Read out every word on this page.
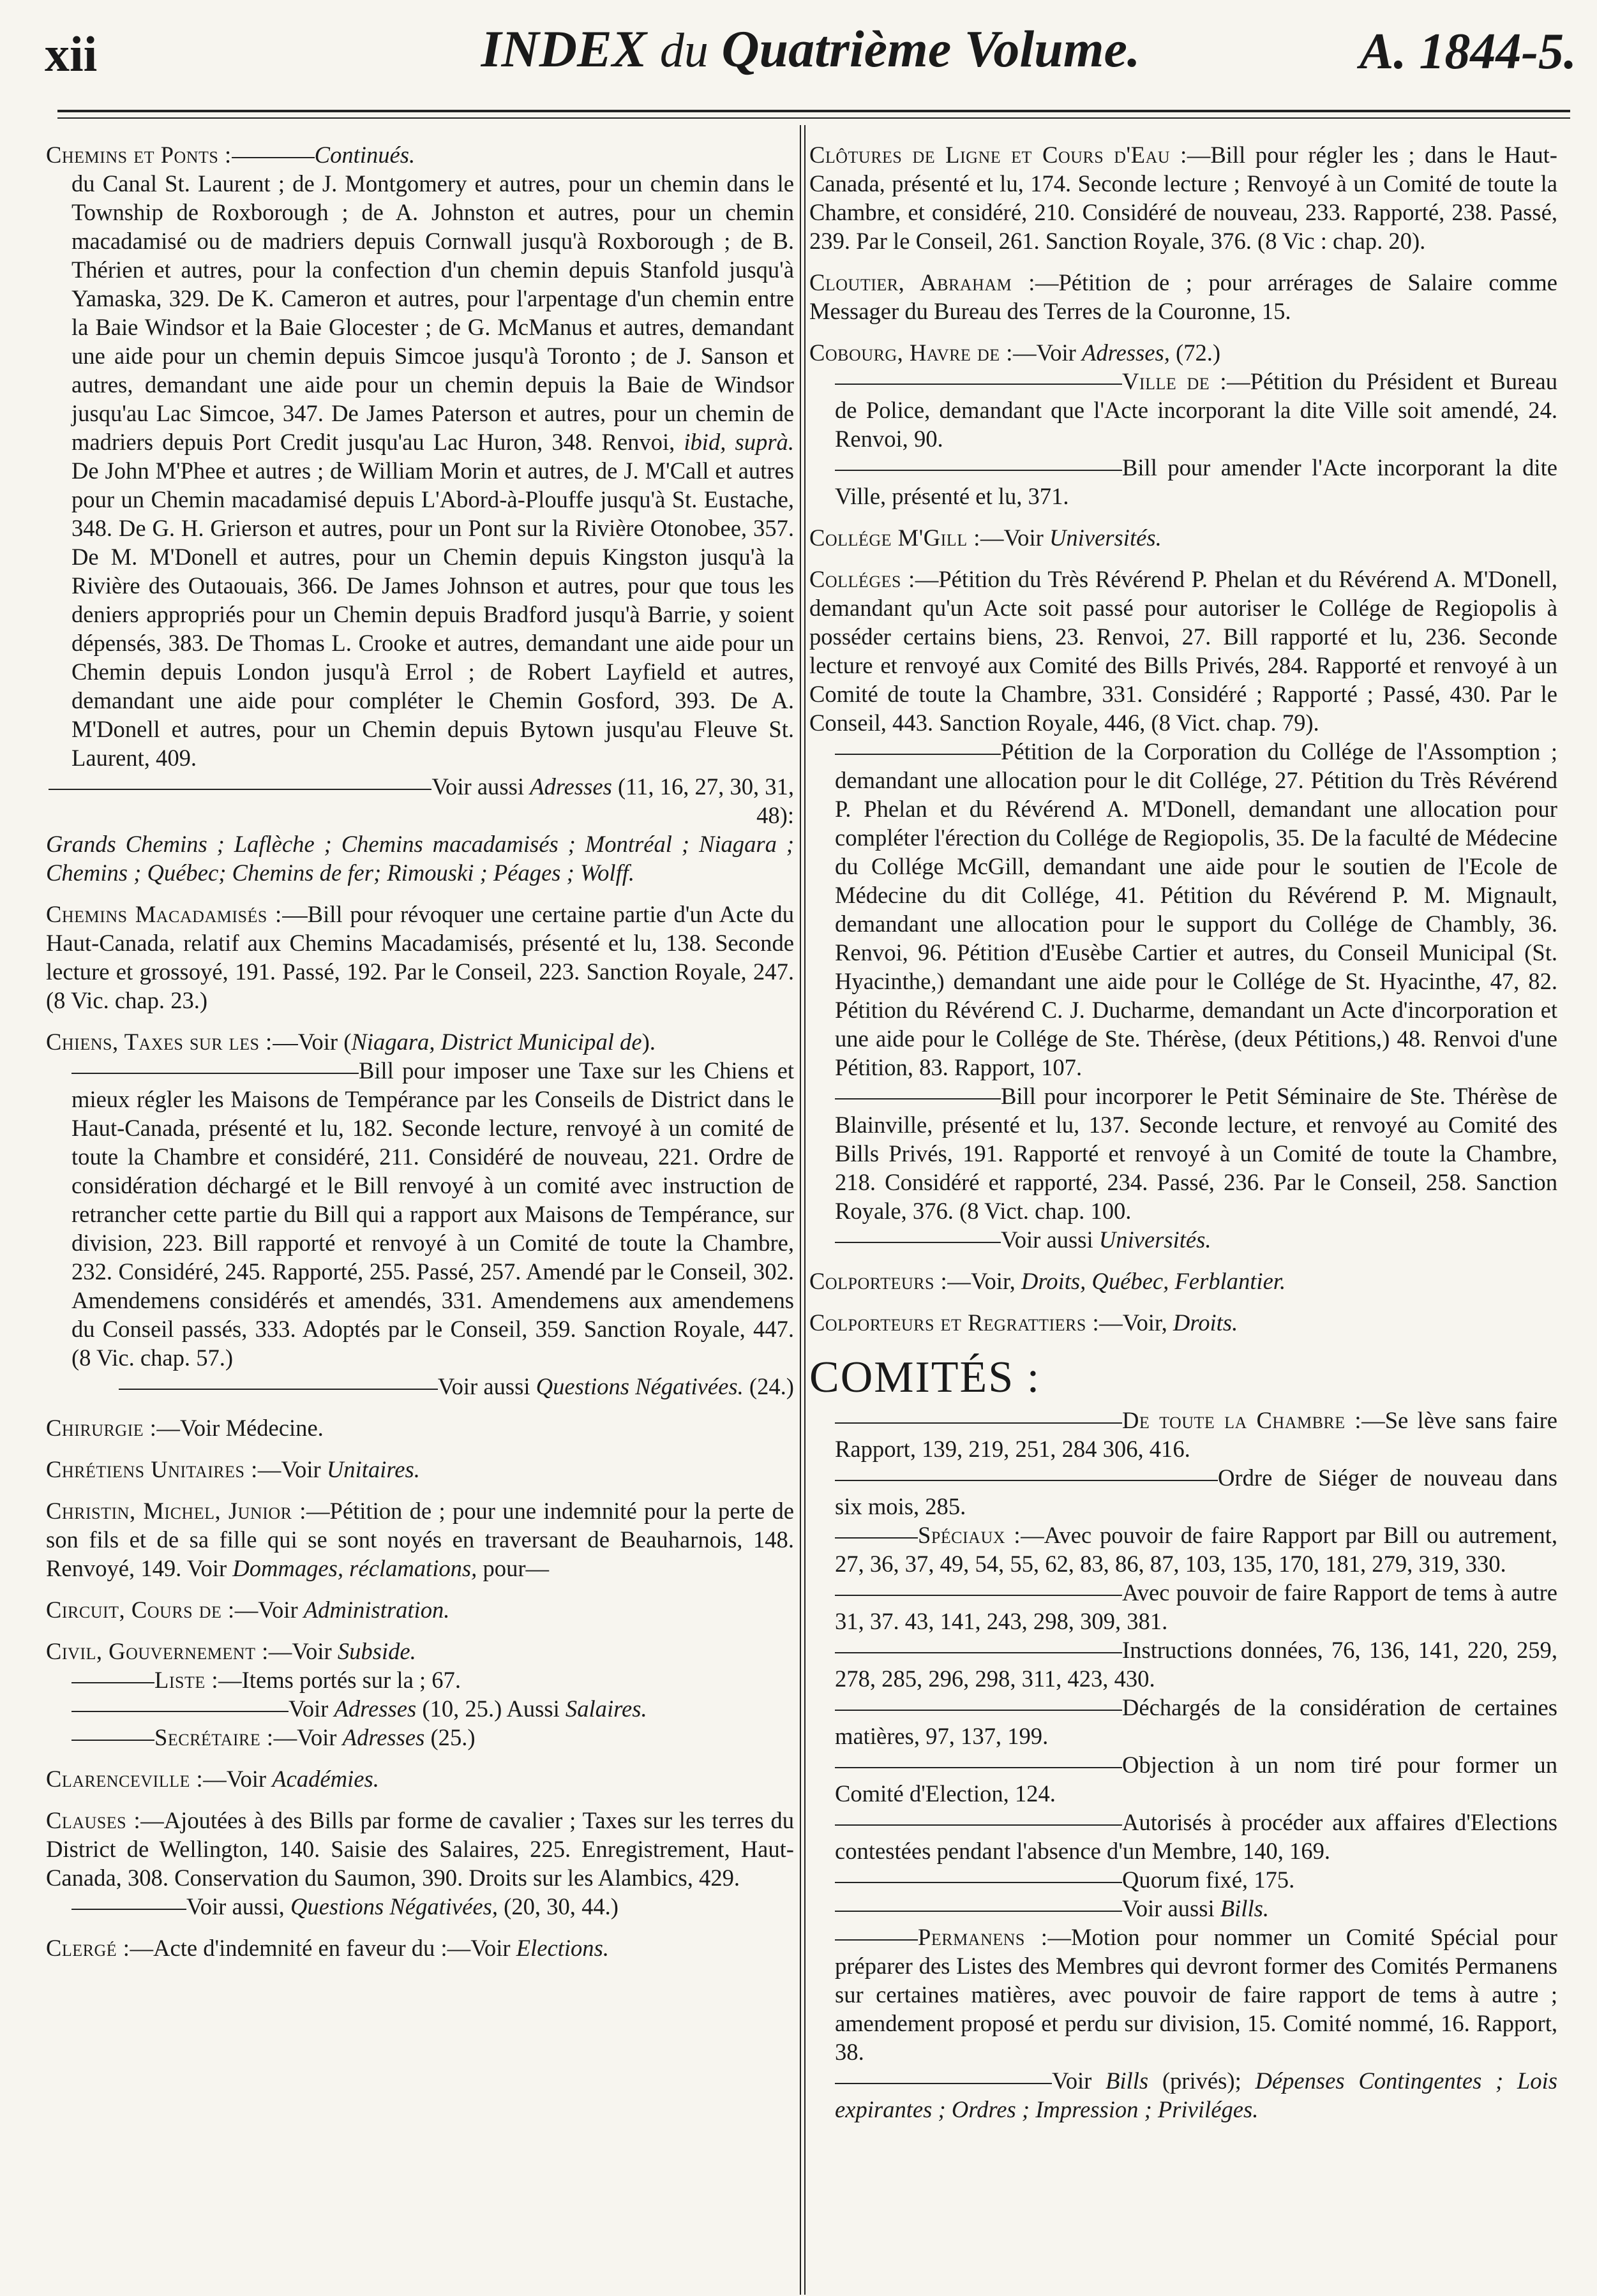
xii	INDEX du Quatrième Volume.	A. 1844-5.

Chemins et Ponts :	Continués.

du Canal St. Laurent ; de J. Montgomery et autres, pour un chemin dans le Township de Roxborough ; de A. Johnston et autres, pour un chemin macadamisé ou de madriers depuis Cornwall jusqu'à Roxborough ; de B. Thérien et autres, pour la confection d'un chemin depuis Stanfold jusqu'à Yamaska, 329. De K. Cameron et autres, pour l'arpentage d'un chemin entre la Baie Windsor et la Baie Glocester ; de G. McManus et autres, demandant une aide pour un chemin depuis Simcoe jusqu'à Toronto ; de J. Sanson et autres, demandant une aide pour un chemin depuis la Baie de Windsor jusqu'au Lac Simcoe, 347. De James Paterson et autres, pour un chemin de madriers depuis Port Credit jusqu'au Lac Huron, 348. Renvoi, ibid, suprà. De John M'Phee et autres ; de William Morin et autres, de J. M'Call et autres pour un Chemin macadamisé depuis L'Abord-à-Plouffe jusqu'à St. Eustache, 348. De G. H. Grierson et autres, pour un Pont sur la Rivière Otonobee, 357. De M. M'Donell et autres, pour un Chemin depuis Kingston jusqu'à la Rivière des Outaouais, 366. De James Johnson et autres, pour que tous les deniers appropriés pour un Chemin depuis Bradford jusqu'à Barrie, y soient dépensés, 383. De Thomas L. Crooke et autres, demandant une aide pour un Chemin depuis London jusqu'à Errol ; de Robert Layfield et autres, demandant une aide pour compléter le Chemin Gosford, 393. De A. M'Donell et autres, pour un Chemin depuis Bytown jusqu'au Fleuve St. Laurent, 409.

Voir aussi Adresses (11, 16, 27, 30, 31, 48):

Grands Chemins ; Laflèche ; Chemins macadamisés ; Montréal ; Niagara ; Chemins ; Québec; Chemins de fer; Rimouski ; Péages ; Wolff.

Chemins Macadamisés : Bill pour révoquer une certaine partie d'un Acte du Haut-Canada, relatif aux Chemins Macadamisés, présenté et lu, 138. Seconde lecture et grossoyé, 191. Passé, 192. Par le Conseil, 223. Sanction Royale, 247. (8 Vic. chap. 23.)

Chiens, Taxes sur les : Voir (Niagara, District Municipal de).

Bill pour imposer une Taxe sur les Chiens et mieux régler les Maisons de Tempérance par les Conseils de District dans le Haut-Canada, présenté et lu, 182. Seconde lecture, renvoyé à un comité de toute la Chambre et considéré, 211. Considéré de nouveau, 221. Ordre de considération déchargé et le Bill renvoyé à un comité avec instruction de retrancher cette partie du Bill qui a rapport aux Maisons de Tempérance, sur division, 223. Bill rapporté et renvoyé à un Comité de toute la Chambre, 232. Considéré, 245. Rapporté, 255. Passé, 257. Amendé par le Conseil, 302. Amendemens considérés et amendés, 331. Amendemens aux amendemens du Conseil passés, 333. Adoptés par le Conseil, 359. Sanction Royale, 447. (8 Vic. chap. 57.)

Voir aussi Questions Négativées. (24.)

Chirurgie :—Voir Médecine.

Chrétiens Unitaires :—Voir Unitaires.

Christin, Michel, Junior :—Pétition de ; pour une indemnité pour la perte de son fils et de sa fille qui se sont noyés en traversant de Beauharnois, 148. Renvoyé, 149. Voir Dommages, réclamations, pour—

Circuit, Cours de :—Voir Administration.

Civil, Gouvernement :—Voir Subside.

Liste :—Items portés sur la ; 67.

Voir Adresses (10, 25.) Aussi Salaires.

Secrétaire :—Voir Adresses (25.)

Clarenceville :—Voir Académies.

Clauses :—Ajoutées à des Bills par forme de cavalier ; Taxes sur les terres du District de Wellington, 140. Saisie des Salaires, 225. Enregistrement, Haut-Canada, 308. Conservation du Saumon, 390. Droits sur les Alambics, 429.

Voir aussi, Questions Négativées, (20, 30, 44.)

Clergé :—Acte d'indemnité en faveur du :—Voir Elections.

Clôtures de Ligne et Cours d'Eau :—Bill pour régler les ; dans le Haut-Canada, présenté et lu, 174. Seconde lecture ; Renvoyé à un Comité de toute la Chambre, et considéré, 210. Considéré de nouveau, 233. Rapporté, 238. Passé, 239. Par le Conseil, 261. Sanction Royale, 376. (8 Vic : chap. 20).

Cloutier, Abraham :—Pétition de ; pour arrérages de Salaire comme Messager du Bureau des Terres de la Couronne, 15.

Cobourg, Havre de :—Voir Adresses, (72.)

Ville de :—Pétition du Président et Bureau de Police, demandant que l'Acte incorporant la dite Ville soit amendé, 24. Renvoi, 90.

Bill pour amender l'Acte incorporant la dite Ville, présenté et lu, 371.

Collége M'Gill :—Voir Universités.

Colléges :—Pétition du Très Révérend P. Phelan et du Révérend A. M'Donell, demandant qu'un Acte soit passé pour autoriser le Collége de Regiopolis à posséder certains biens, 23. Renvoi, 27. Bill rapporté et lu, 236. Seconde lecture et renvoyé aux Comité des Bills Privés, 284. Rapporté et renvoyé à un Comité de toute la Chambre, 331. Considéré ; Rapporté ; Passé, 430. Par le Conseil, 443. Sanction Royale, 446, (8 Vict. chap. 79).

Pétition de la Corporation du Collége de l'Assomption ; demandant une allocation pour le dit Collége, 27. Pétition du Très Révérend P. Phelan et du Révérend A. M'Donell, demandant une allocation pour compléter l'érection du Collége de Regiopolis, 35. De la faculté de Médecine du Collége McGill, demandant une aide pour le soutien de l'Ecole de Médecine du dit Collége, 41. Pétition du Révérend P. M. Mignault, demandant une allocation pour le support du Collége de Chambly, 36. Renvoi, 96. Pétition d'Eusèbe Cartier et autres, du Conseil Municipal (St. Hyacinthe,) demandant une aide pour le Collége de St. Hyacinthe, 47, 82. Pétition du Révérend C. J. Ducharme, demandant un Acte d'incorporation et une aide pour le Collége de Ste. Thérèse, (deux Pétitions,) 48. Renvoi d'une Pétition, 83. Rapport, 107.

Bill pour incorporer le Petit Séminaire de Ste. Thérèse de Blainville, présenté et lu, 137. Seconde lecture, et renvoyé au Comité des Bills Privés, 191. Rapporté et renvoyé à un Comité de toute la Chambre, 218. Considéré et rapporté, 234. Passé, 236. Par le Conseil, 258. Sanction Royale, 376. (8 Vict. chap. 100.

Voir aussi Universités.

Colporteurs :—Voir, Droits, Québec, Ferblantier.

Colporteurs et Regrattiers :—Voir, Droits.

COMITÉS :

De toute la Chambre :—Se lève sans faire Rapport, 139, 219, 251, 284 306, 416.

Ordre de Siéger de nouveau dans six mois, 285.

Spéciaux :—Avec pouvoir de faire Rapport par Bill ou autrement, 27, 36, 37, 49, 54, 55, 62, 83, 86, 87, 103, 135, 170, 181, 279, 319, 330.

Avec pouvoir de faire Rapport de tems à autre 31, 37. 43, 141, 243, 298, 309, 381.

Instructions données, 76, 136, 141, 220, 259, 278, 285, 296, 298, 311, 423, 430.

Déchargés de la considération de certaines matières, 97, 137, 199.

Objection à un nom tiré pour former un Comité d'Election, 124.

Autorisés à procéder aux affaires d'Elections contestées pendant l'absence d'un Membre, 140, 169.

Quorum fixé, 175.

Voir aussi Bills.

Permanens :—Motion pour nommer un Comité Spécial pour préparer des Listes des Membres qui devront former des Comités Permanens sur certaines matières, avec pouvoir de faire rapport de tems à autre ; amendement proposé et perdu sur division, 15. Comité nommé, 16. Rapport, 38.

Voir Bills (privés); Dépenses Contingentes ; Lois expirantes ; Ordres ; Impression ; Priviléges.
